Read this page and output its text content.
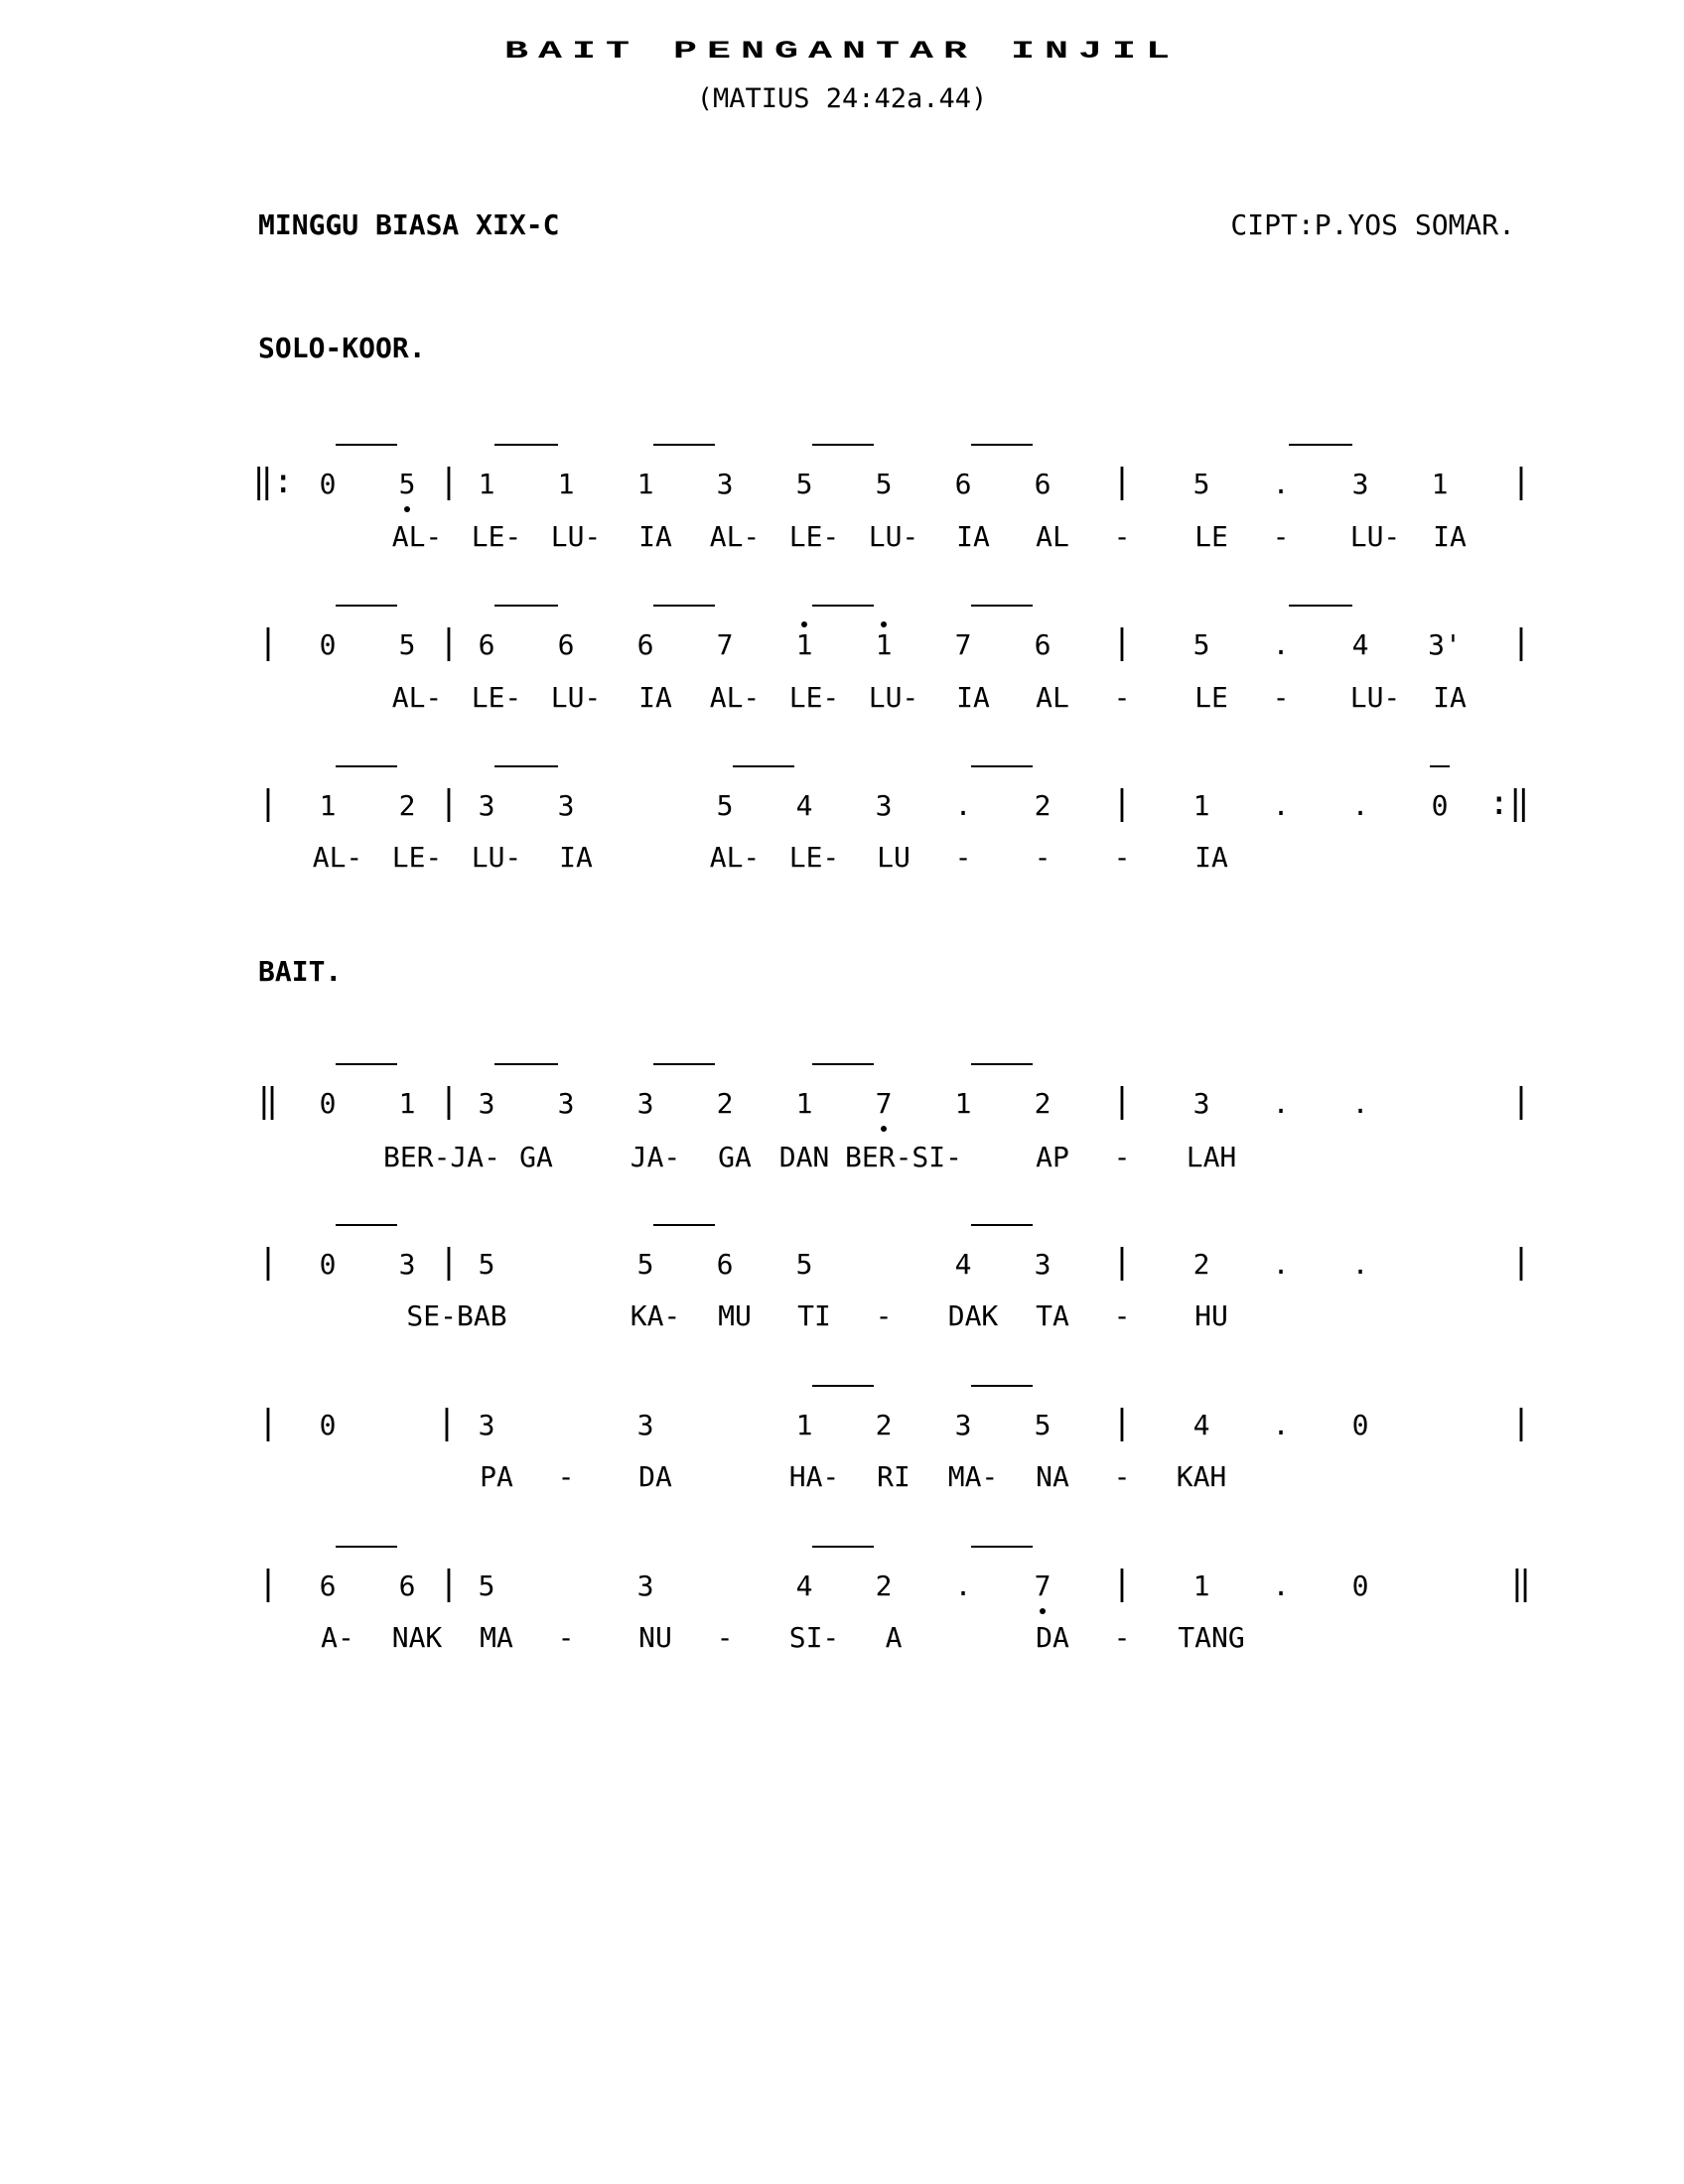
BAIT PENGANTAR INJIL
(MATIUS 24:42a.44)
MINGGU BIASA XIX-C	CIPT:P.YOS SOMAR.
SOLO-KOOR.
BAIT.
‖: 0 5 | 1 1 1 3 5 5 6 6 | 5 . 3 1 |
AL- LE- LU- IA AL- LE- LU- IA AL - LE - LU- IA
| 0 5 | 6 6 6 7 1 1 7 6 | 5 . 4 3' |
AL- LE- LU- IA AL- LE- LU- IA AL - LE - LU- IA
| 1 2 | 3 3	5 4 3 . 2 | 1 . . 0 :‖
AL- LE- LU- IA	AL- LE- LU - - - IA
‖ 0 1 | 3 3 3 2 1 7 1 2 | 3 . .	|
BER-JA- GA	JA- GA DAN BER-SI-	AP - LAH
| 0 3 | 5	5 6 5	4 3 | 2 . .	|
SE-BAB	KA- MU TI - DAK TA - HU
| 0	| 3	3	1 2 3 5 | 4 . 0	|
PA - DA	HA- RI MA- NA - KAH
| 6 6 | 5	3	4 2 . 7 | 1 . 0	‖
A- NAK MA - NU - SI- A	DA - TANG
